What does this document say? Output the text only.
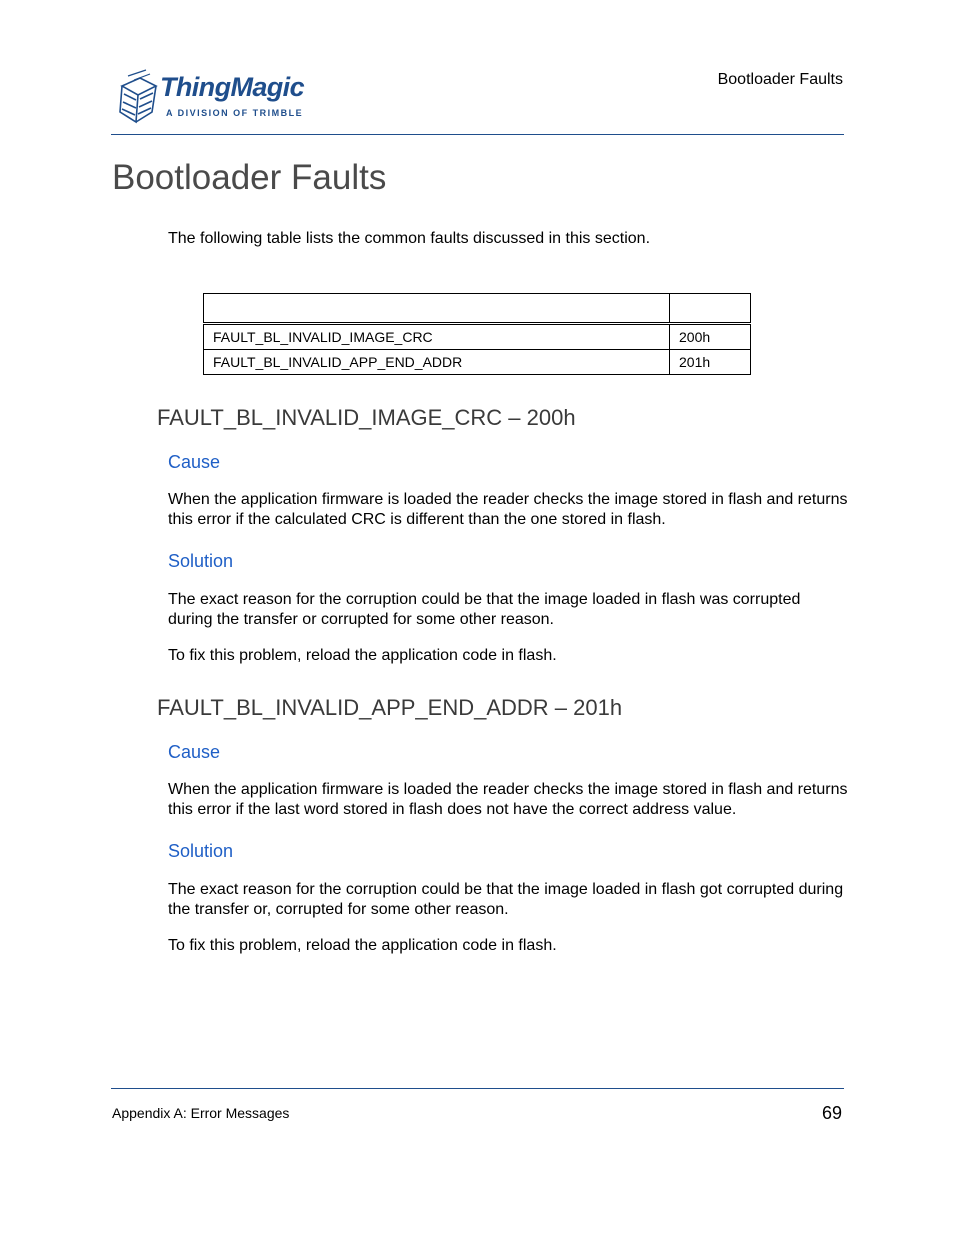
ThingMagic
A DIVISION OF TRIMBLE
Bootloader Faults
Bootloader Faults
The following table lists the common faults discussed in this section.

FAULT_BL_INVALID_IMAGE_CRC	200h
FAULT_BL_INVALID_APP_END_ADDR	201h
FAULT_BL_INVALID_IMAGE_CRC – 200h
Cause
When the application firmware is loaded the reader checks the image stored in flash and returns this error if the calculated CRC is different than the one stored in flash.
Solution
The exact reason for the corruption could be that the image loaded in flash was corrupted during the transfer or corrupted for some other reason.
To fix this problem, reload the application code in flash.
FAULT_BL_INVALID_APP_END_ADDR – 201h
Cause
When the application firmware is loaded the reader checks the image stored in flash and returns this error if the last word stored in flash does not have the correct address value.
Solution
The exact reason for the corruption could be that the image loaded in flash got corrupted during the transfer or, corrupted for some other reason.
To fix this problem, reload the application code in flash.
Appendix A: Error Messages	69
